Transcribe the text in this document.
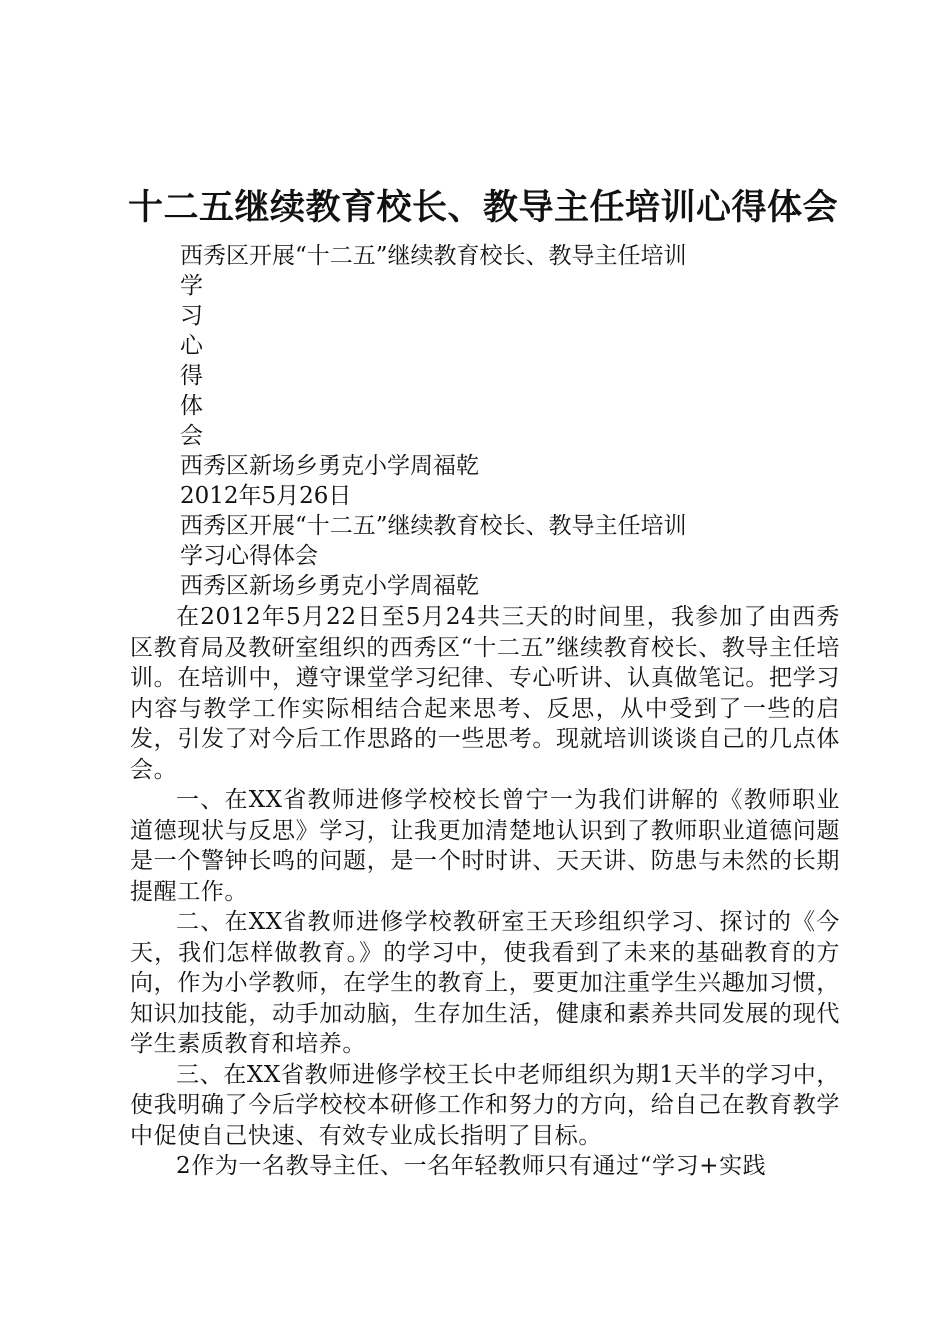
十二五继续教育校长、教导主任培训心得体会
西秀区开展“十二五”继续教育校长、教导主任培训
学
习
心
得
体
会
西秀区新场乡勇克小学周福乾
2012年5月26日
西秀区开展“十二五”继续教育校长、教导主任培训
学习心得体会
西秀区新场乡勇克小学周福乾

在2012年5月22日至5月24共三天的时间里，我参加了由西秀区教育局及教研室组织的西秀区“十二五”继续教育校长、教导主任培训。在培训中，遵守课堂学习纪律、专心听讲、认真做笔记。把学习内容与教学工作实际相结合起来思考、反思，从中受到了一些的启发，引发了对今后工作思路的一些思考。现就培训谈谈自己的几点体会。

一、在XX省教师进修学校校长曾宁一为我们讲解的《教师职业道德现状与反思》学习，让我更加清楚地认识到了教师职业道德问题是一个警钟长鸣的问题，是一个时时讲、天天讲、防患与未然的长期提醒工作。

二、在XX省教师进修学校教研室王天珍组织学习、探讨的《今天，我们怎样做教育。》的学习中，使我看到了未来的基础教育的方向，作为小学教师，在学生的教育上，要更加注重学生兴趣加习惯，知识加技能，动手加动脑，生存加生活，健康和素养共同发展的现代学生素质教育和培养。

三、在XX省教师进修学校王长中老师组织为期1天半的学习中，使我明确了今后学校校本研修工作和努力的方向，给自己在教育教学中促使自己快速、有效专业成长指明了目标。

2作为一名教导主任、一名年轻教师只有通过“学习+实践
